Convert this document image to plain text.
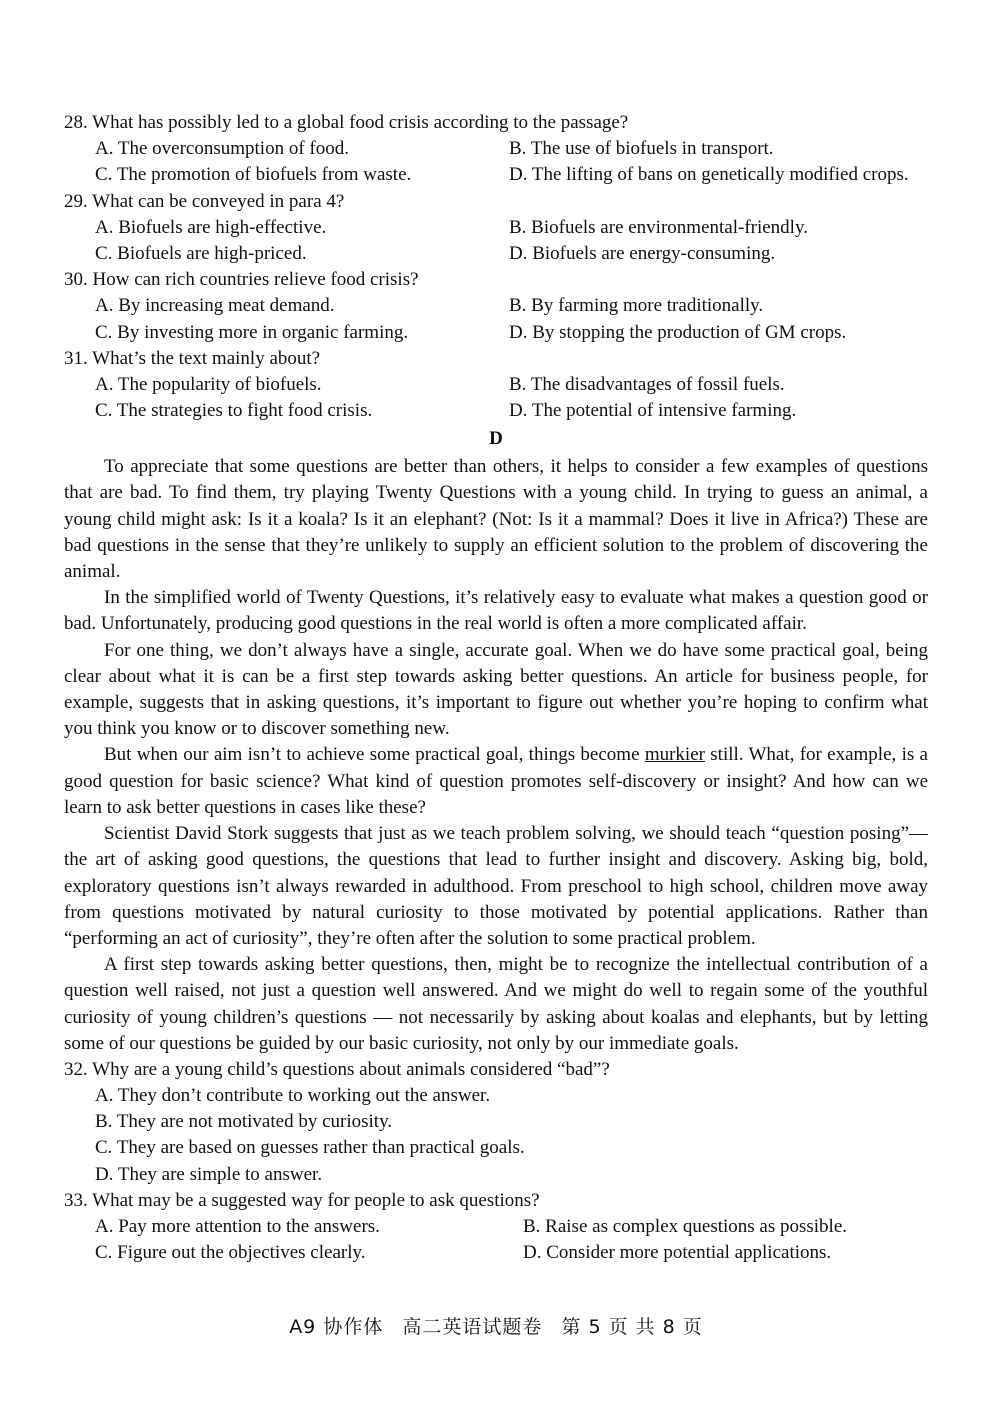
28. What has possibly led to a global food crisis according to the passage?
A. The overconsumption of food.	B. The use of biofuels in transport.
C. The promotion of biofuels from waste.	D. The lifting of bans on genetically modified crops.
29. What can be conveyed in para 4?
A. Biofuels are high-effective.	B. Biofuels are environmental-friendly.
C. Biofuels are high-priced.	D. Biofuels are energy-consuming.
30. How can rich countries relieve food crisis?
A. By increasing meat demand.	B. By farming more traditionally.
C. By investing more in organic farming.	D. By stopping the production of GM crops.
31. What’s the text mainly about?
A. The popularity of biofuels.	B. The disadvantages of fossil fuels.
C. The strategies to fight food crisis.	D. The potential of intensive farming.
D

To appreciate that some questions are better than others, it helps to consider a few examples of questions that are bad. To find them, try playing Twenty Questions with a young child. In trying to guess an animal, a young child might ask: Is it a koala? Is it an elephant? (Not: Is it a mammal? Does it live in Africa?) These are bad questions in the sense that they’re unlikely to supply an efficient solution to the problem of discovering the animal.

In the simplified world of Twenty Questions, it’s relatively easy to evaluate what makes a question good or bad. Unfortunately, producing good questions in the real world is often a more complicated affair.

For one thing, we don’t always have a single, accurate goal. When we do have some practical goal, being clear about what it is can be a first step towards asking better questions. An article for business people, for example, suggests that in asking questions, it’s important to figure out whether you’re hoping to confirm what you think you know or to discover something new.

But when our aim isn’t to achieve some practical goal, things become murkier still. What, for example, is a good question for basic science? What kind of question promotes self-discovery or insight? And how can we learn to ask better questions in cases like these?

Scientist David Stork suggests that just as we teach problem solving, we should teach “question posing”— the art of asking good questions, the questions that lead to further insight and discovery. Asking big, bold, exploratory questions isn’t always rewarded in adulthood. From preschool to high school, children move away from questions motivated by natural curiosity to those motivated by potential applications. Rather than “performing an act of curiosity”, they’re often after the solution to some practical problem.

A first step towards asking better questions, then, might be to recognize the intellectual contribution of a question well raised, not just a question well answered. And we might do well to regain some of the youthful curiosity of young children’s questions — not necessarily by asking about koalas and elephants, but by letting some of our questions be guided by our basic curiosity, not only by our immediate goals.

32. Why are a young child’s questions about animals considered “bad”?
A. They don’t contribute to working out the answer.
B. They are not motivated by curiosity.
C. They are based on guesses rather than practical goals.
D. They are simple to answer.
33. What may be a suggested way for people to ask questions?
A. Pay more attention to the answers.	B. Raise as complex questions as possible.
C. Figure out the objectives clearly.	D. Consider more potential applications.
A9 协作体 高二英语试题卷 第 5 页 共 8 页
